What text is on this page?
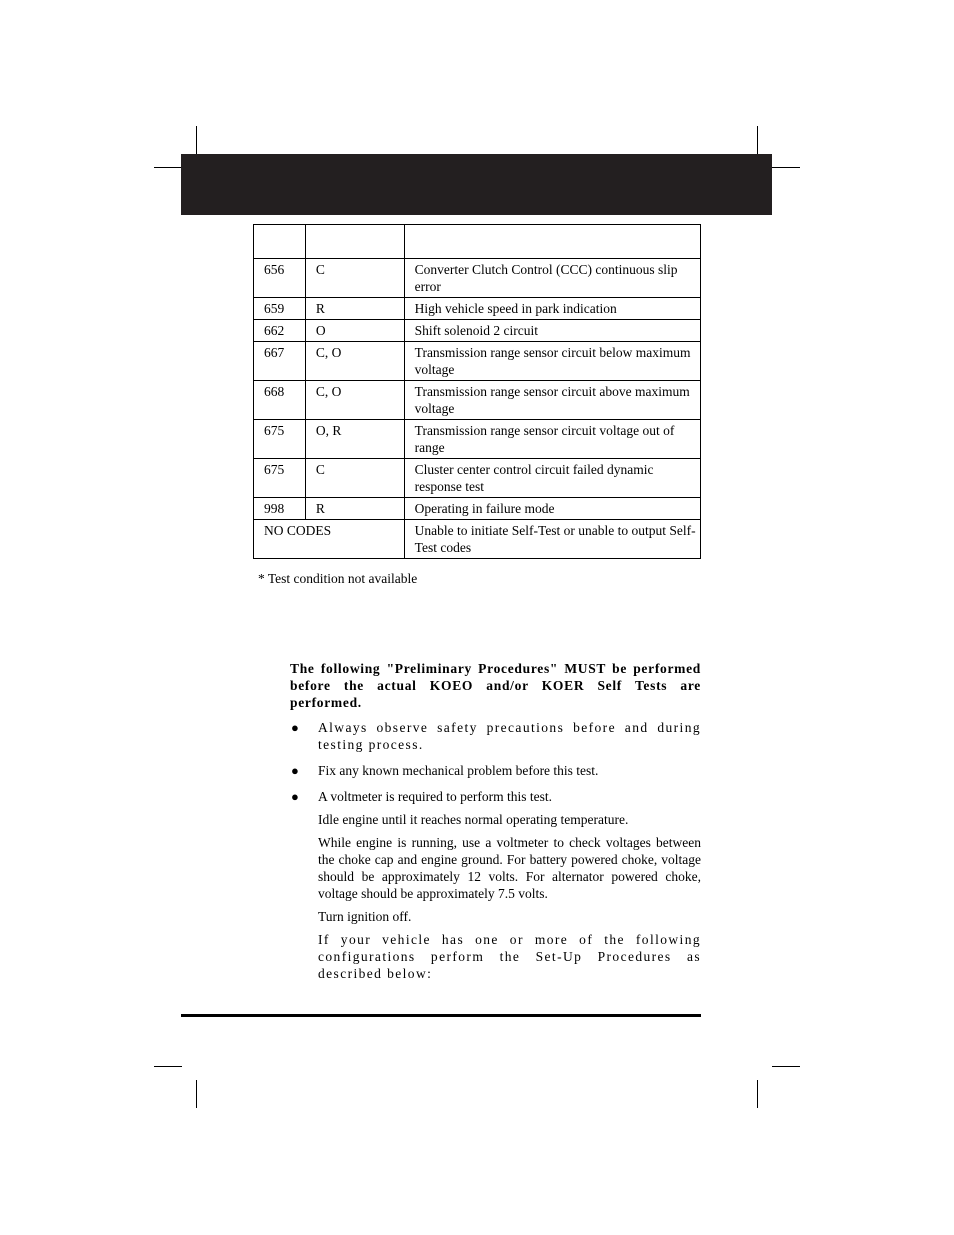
656	C	Converter Clutch Control (CCC) continuous slip error
659	R	High vehicle speed in park indication
662	O	Shift solenoid 2 circuit
667	C, O	Transmission range sensor circuit below maximum voltage
668	C, O	Transmission range sensor circuit above maximum voltage
675	O, R	Transmission range sensor circuit voltage out of range
675	C	Cluster center control circuit failed dynamic response test
998	R	Operating in failure mode
NO CODES		Unable to initiate Self-Test or unable to output Self-Test codes
* Test condition not available

The following "Preliminary Procedures" MUST be performed before the actual KOEO and/or KOER Self Tests are performed.

● Always observe safety precautions before and during testing process.

● Fix any known mechanical problem before this test.

● A voltmeter is required to perform this test.

Idle engine until it reaches normal operating temperature.

While engine is running, use a voltmeter to check voltages between the choke cap and engine ground. For battery powered choke, voltage should be approximately 12 volts. For alternator powered choke, voltage should be approximately 7.5 volts.

Turn ignition off.

If your vehicle has one or more of the following configurations perform the Set-Up Procedures as described below:
